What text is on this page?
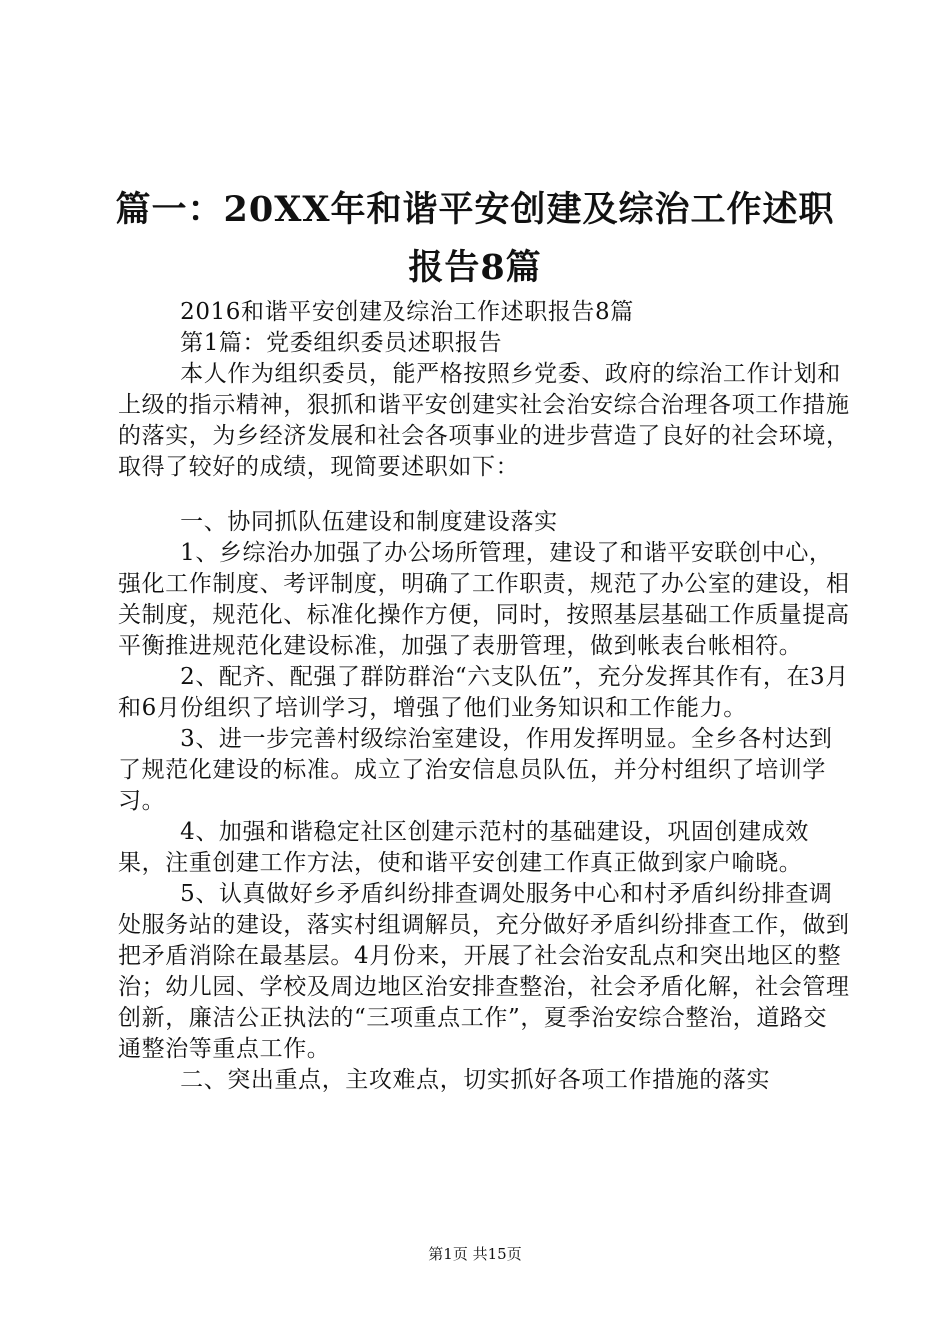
篇一：20XX年和谐平安创建及综治工作述职
报告8篇

2016和谐平安创建及综治工作述职报告8篇

第1篇：党委组织委员述职报告

本人作为组织委员，能严格按照乡党委、政府的综治工作计划和上级的指示精神，狠抓和谐平安创建实社会治安综合治理各项工作措施的落实，为乡经济发展和社会各项事业的进步营造了良好的社会环境，取得了较好的成绩，现简要述职如下：

一、协同抓队伍建设和制度建设落实

1、乡综治办加强了办公场所管理，建设了和谐平安联创中心，强化工作制度、考评制度，明确了工作职责，规范了办公室的建设，相关制度，规范化、标准化操作方便，同时，按照基层基础工作质量提高平衡推进规范化建设标准，加强了表册管理，做到帐表台帐相符。

2、配齐、配强了群防群治“六支队伍”，充分发挥其作有，在3月和6月份组织了培训学习，增强了他们业务知识和工作能力。

3、进一步完善村级综治室建设，作用发挥明显。全乡各村达到了规范化建设的标准。成立了治安信息员队伍，并分村组织了培训学习。

4、加强和谐稳定社区创建示范村的基础建设，巩固创建成效果，注重创建工作方法，使和谐平安创建工作真正做到家户喻晓。

5、认真做好乡矛盾纠纷排查调处服务中心和村矛盾纠纷排查调处服务站的建设，落实村组调解员，充分做好矛盾纠纷排查工作，做到把矛盾消除在最基层。4月份来，开展了社会治安乱点和突出地区的整治；幼儿园、学校及周边地区治安排查整治，社会矛盾化解，社会管理创新，廉洁公正执法的“三项重点工作”，夏季治安综合整治，道路交通整治等重点工作。

二、突出重点，主攻难点，切实抓好各项工作措施的落实

第1页 共15页
